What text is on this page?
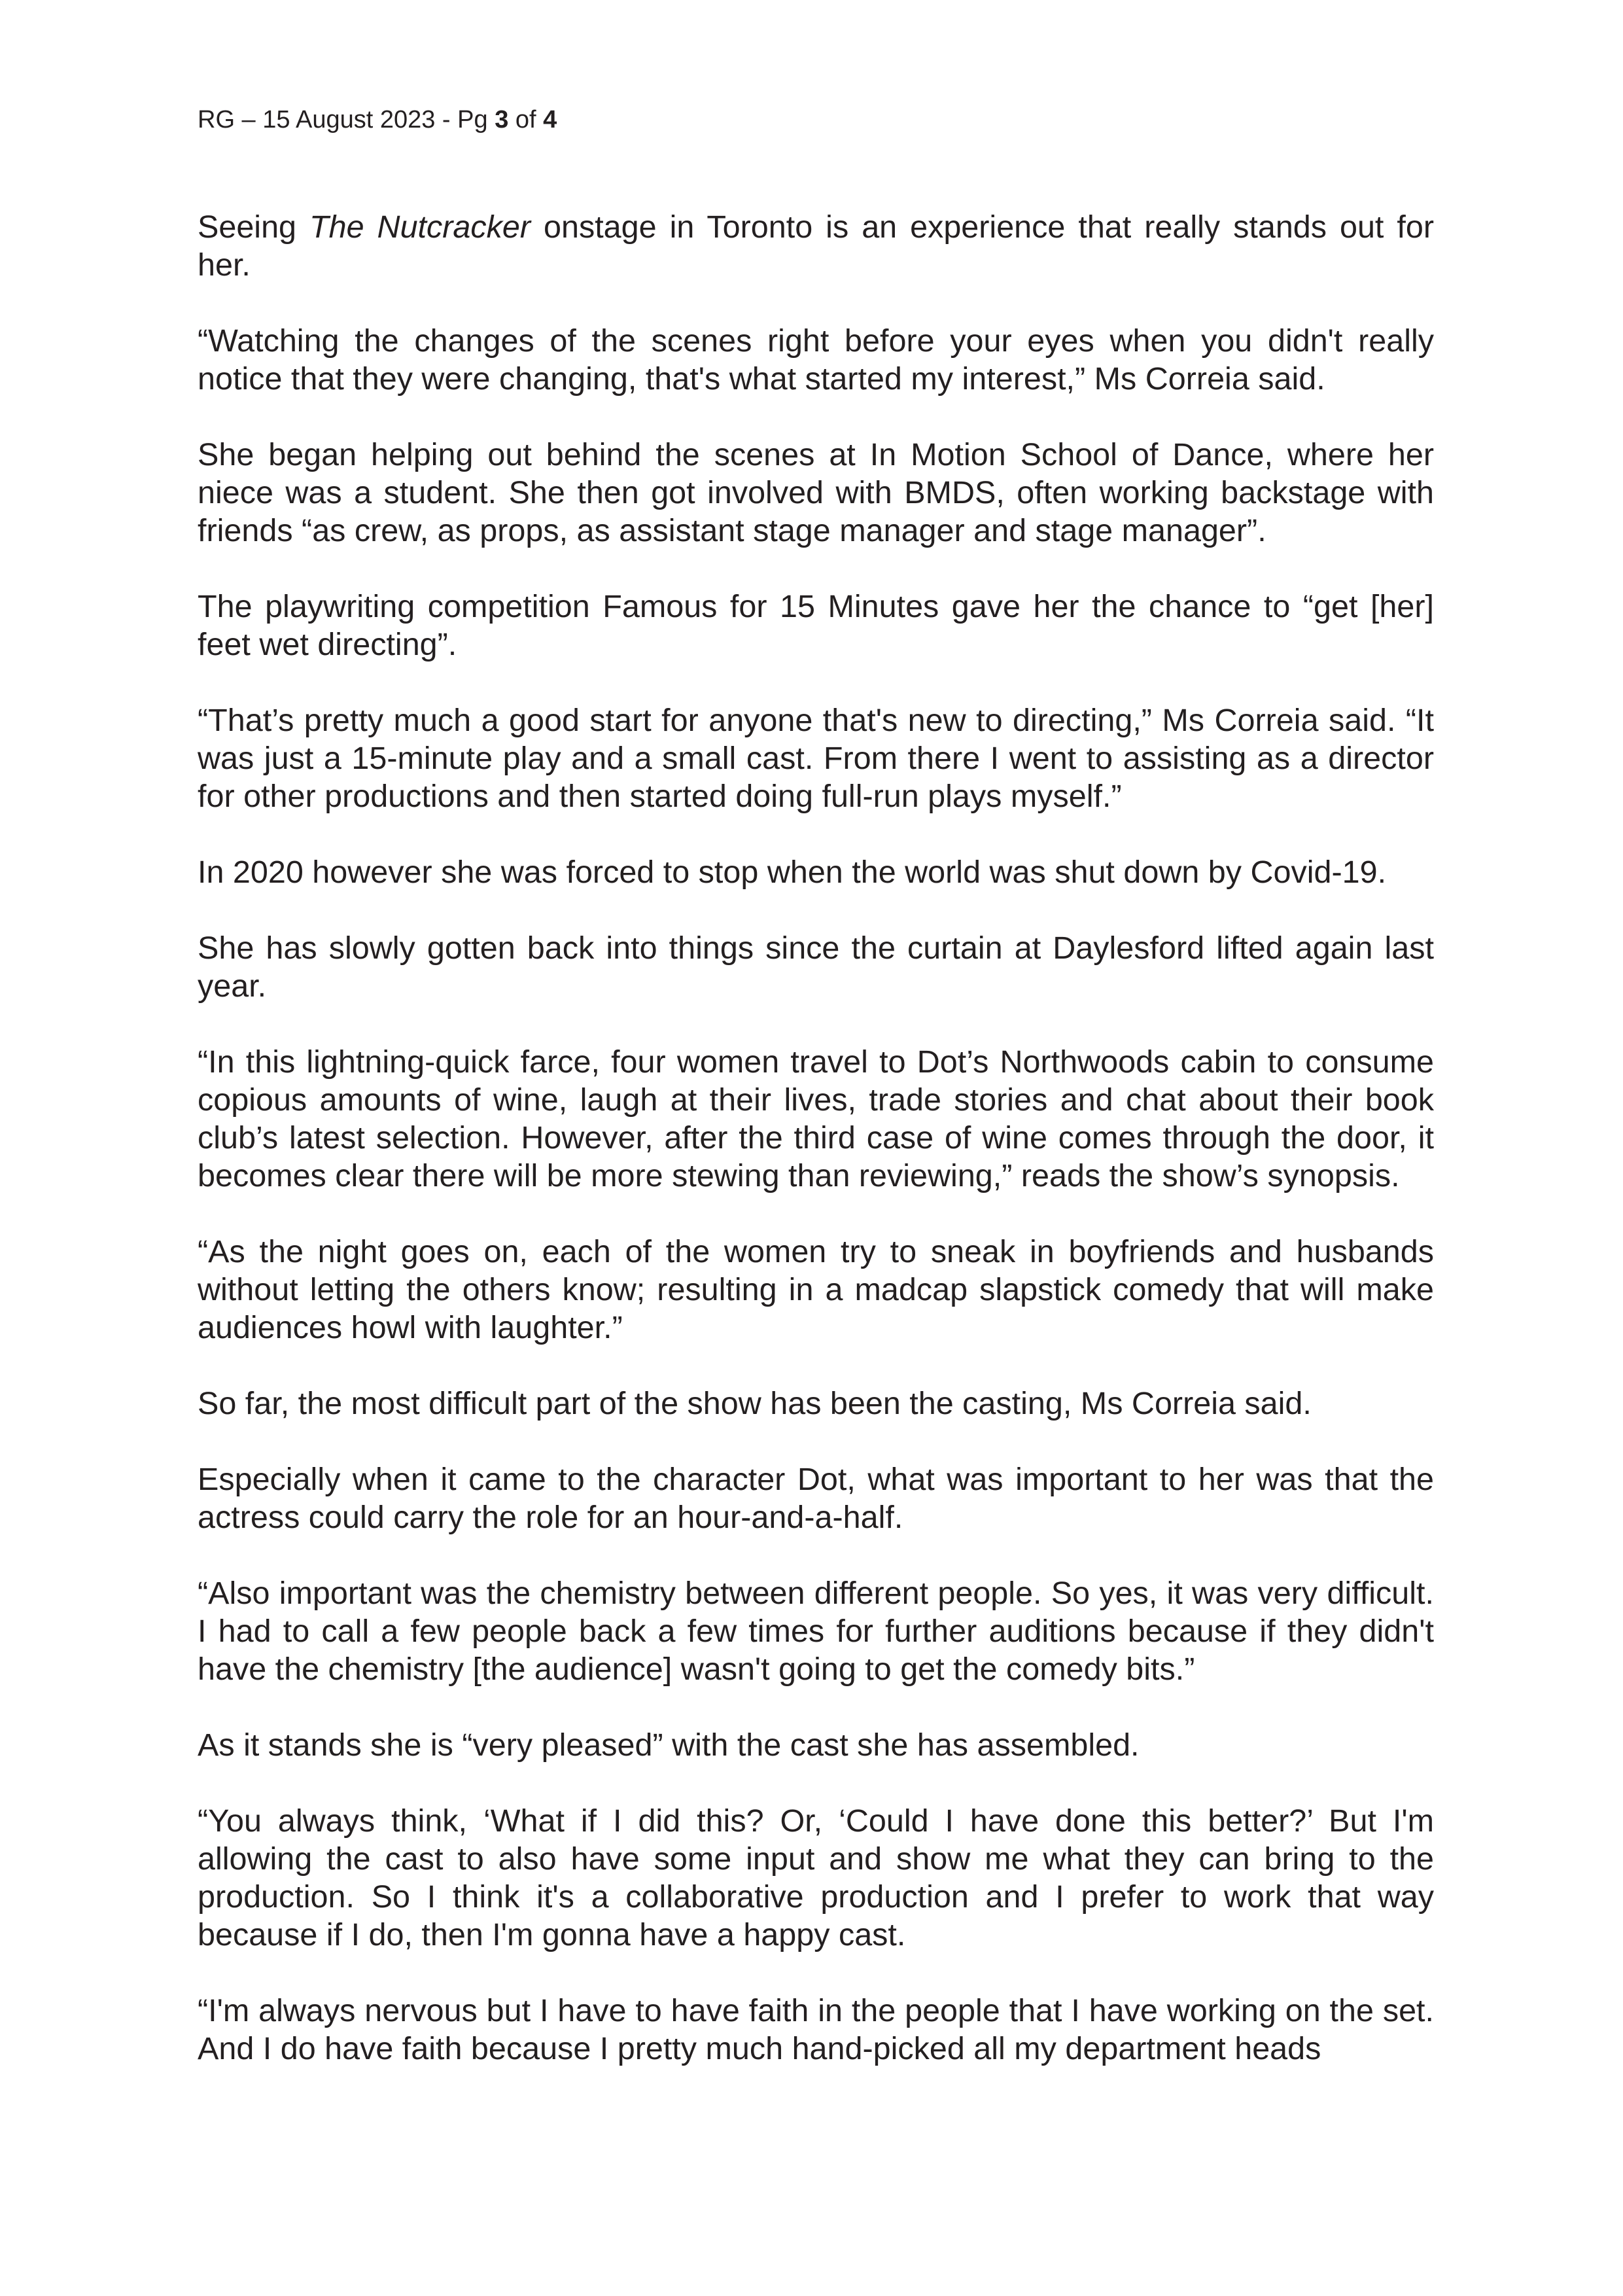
RG – 15 August 2023 - Pg 3 of 4

Seeing The Nutcracker onstage in Toronto is an experience that really stands out for her.

“Watching the changes of the scenes right before your eyes when you didn't really notice that they were changing, that's what started my interest,” Ms Correia said.

She began helping out behind the scenes at In Motion School of Dance, where her niece was a student. She then got involved with BMDS, often working backstage with friends “as crew, as props, as assistant stage manager and stage manager”.

The playwriting competition Famous for 15 Minutes gave her the chance to “get [her] feet wet directing”.

“That’s pretty much a good start for anyone that's new to directing,” Ms Correia said. “It was just a 15-minute play and a small cast. From there I went to assisting as a director for other productions and then started doing full-run plays myself.”

In 2020 however she was forced to stop when the world was shut down by Covid-19.

She has slowly gotten back into things since the curtain at Daylesford lifted again last year.

“In this lightning-quick farce, four women travel to Dot’s Northwoods cabin to consume copious amounts of wine, laugh at their lives, trade stories and chat about their book club’s latest selection. However, after the third case of wine comes through the door, it becomes clear there will be more stewing than reviewing,” reads the show’s synopsis.

“As the night goes on, each of the women try to sneak in boyfriends and husbands without letting the others know; resulting in a madcap slapstick comedy that will make audiences howl with laughter.”

So far, the most difficult part of the show has been the casting, Ms Correia said.

Especially when it came to the character Dot, what was important to her was that the actress could carry the role for an hour-and-a-half.

“Also important was the chemistry between different people. So yes, it was very difficult. I had to call a few people back a few times for further auditions because if they didn't have the chemistry [the audience] wasn't going to get the comedy bits.”

As it stands she is “very pleased” with the cast she has assembled.

“You always think, ‘What if I did this? Or, ‘Could I have done this better?’ But I'm allowing the cast to also have some input and show me what they can bring to the production. So I think it's a collaborative production and I prefer to work that way because if I do, then I'm gonna have a happy cast.

“I'm always nervous but I have to have faith in the people that I have working on the set. And I do have faith because I pretty much hand-picked all my department heads
